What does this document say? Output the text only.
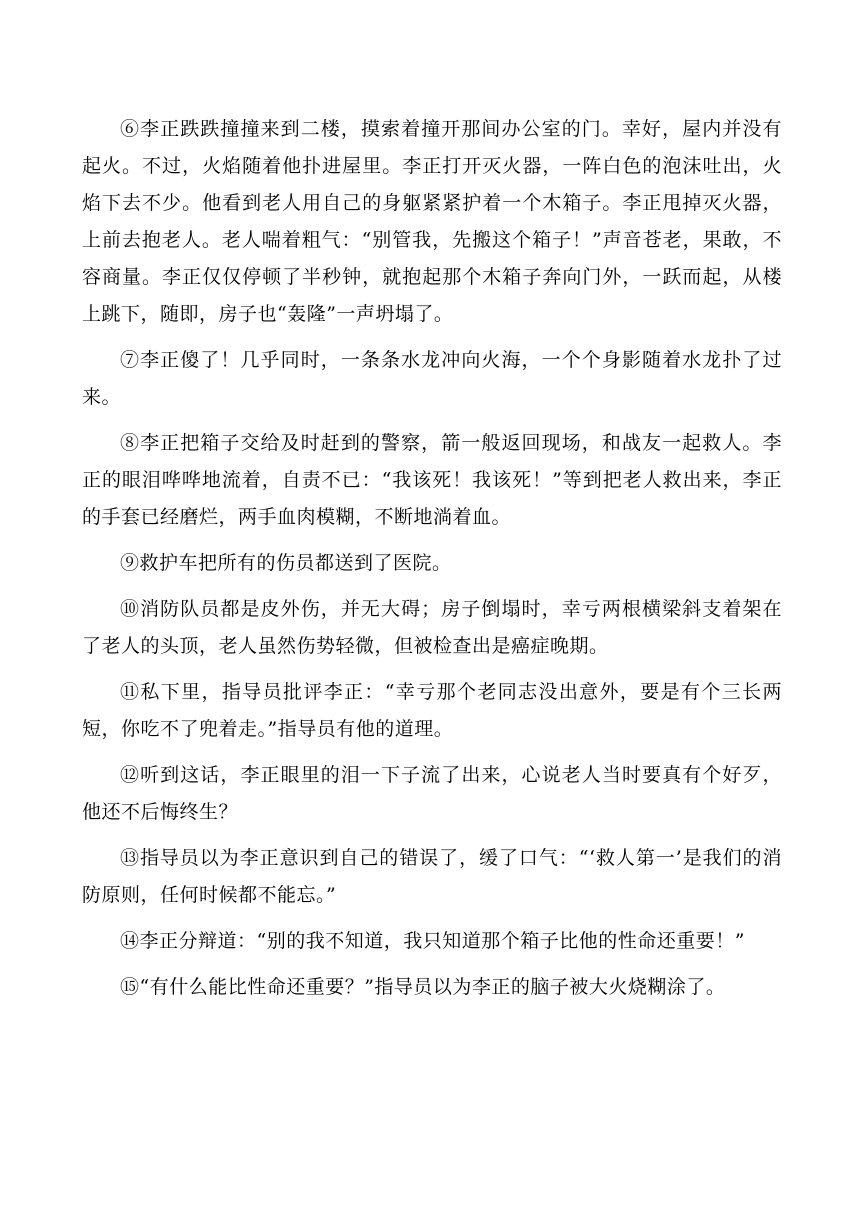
⑥李正跌跌撞撞来到二楼，摸索着撞开那间办公室的门。幸好，屋内并没有起火。不过，火焰随着他扑进屋里。李正打开灭火器，一阵白色的泡沫吐出，火焰下去不少。他看到老人用自己的身躯紧紧护着一个木箱子。李正甩掉灭火器，上前去抱老人。老人喘着粗气：“别管我，先搬这个箱子！”声音苍老，果敢，不容商量。李正仅仅停顿了半秒钟，就抱起那个木箱子奔向门外，一跃而起，从楼上跳下，随即，房子也“轰隆”一声坍塌了。

⑦李正傻了！几乎同时，一条条水龙冲向火海，一个个身影随着水龙扑了过来。

⑧李正把箱子交给及时赶到的警察，箭一般返回现场，和战友一起救人。李正的眼泪哗哗地流着，自责不已：“我该死！我该死！”等到把老人救出来，李正的手套已经磨烂，两手血肉模糊，不断地淌着血。

⑨救护车把所有的伤员都送到了医院。

⑩消防队员都是皮外伤，并无大碍；房子倒塌时，幸亏两根横梁斜支着架在了老人的头顶，老人虽然伤势轻微，但被检查出是癌症晚期。

⑪私下里，指导员批评李正：“幸亏那个老同志没出意外，要是有个三长两短，你吃不了兜着走。”指导员有他的道理。

⑫听到这话，李正眼里的泪一下子流了出来，心说老人当时要真有个好歹，他还不后悔终生？

⑬指导员以为李正意识到自己的错误了，缓了口气：“‘救人第一’是我们的消防原则，任何时候都不能忘。”

⑭李正分辩道：“别的我不知道，我只知道那个箱子比他的性命还重要！”

⑮“有什么能比性命还重要？”指导员以为李正的脑子被大火烧糊涂了。
